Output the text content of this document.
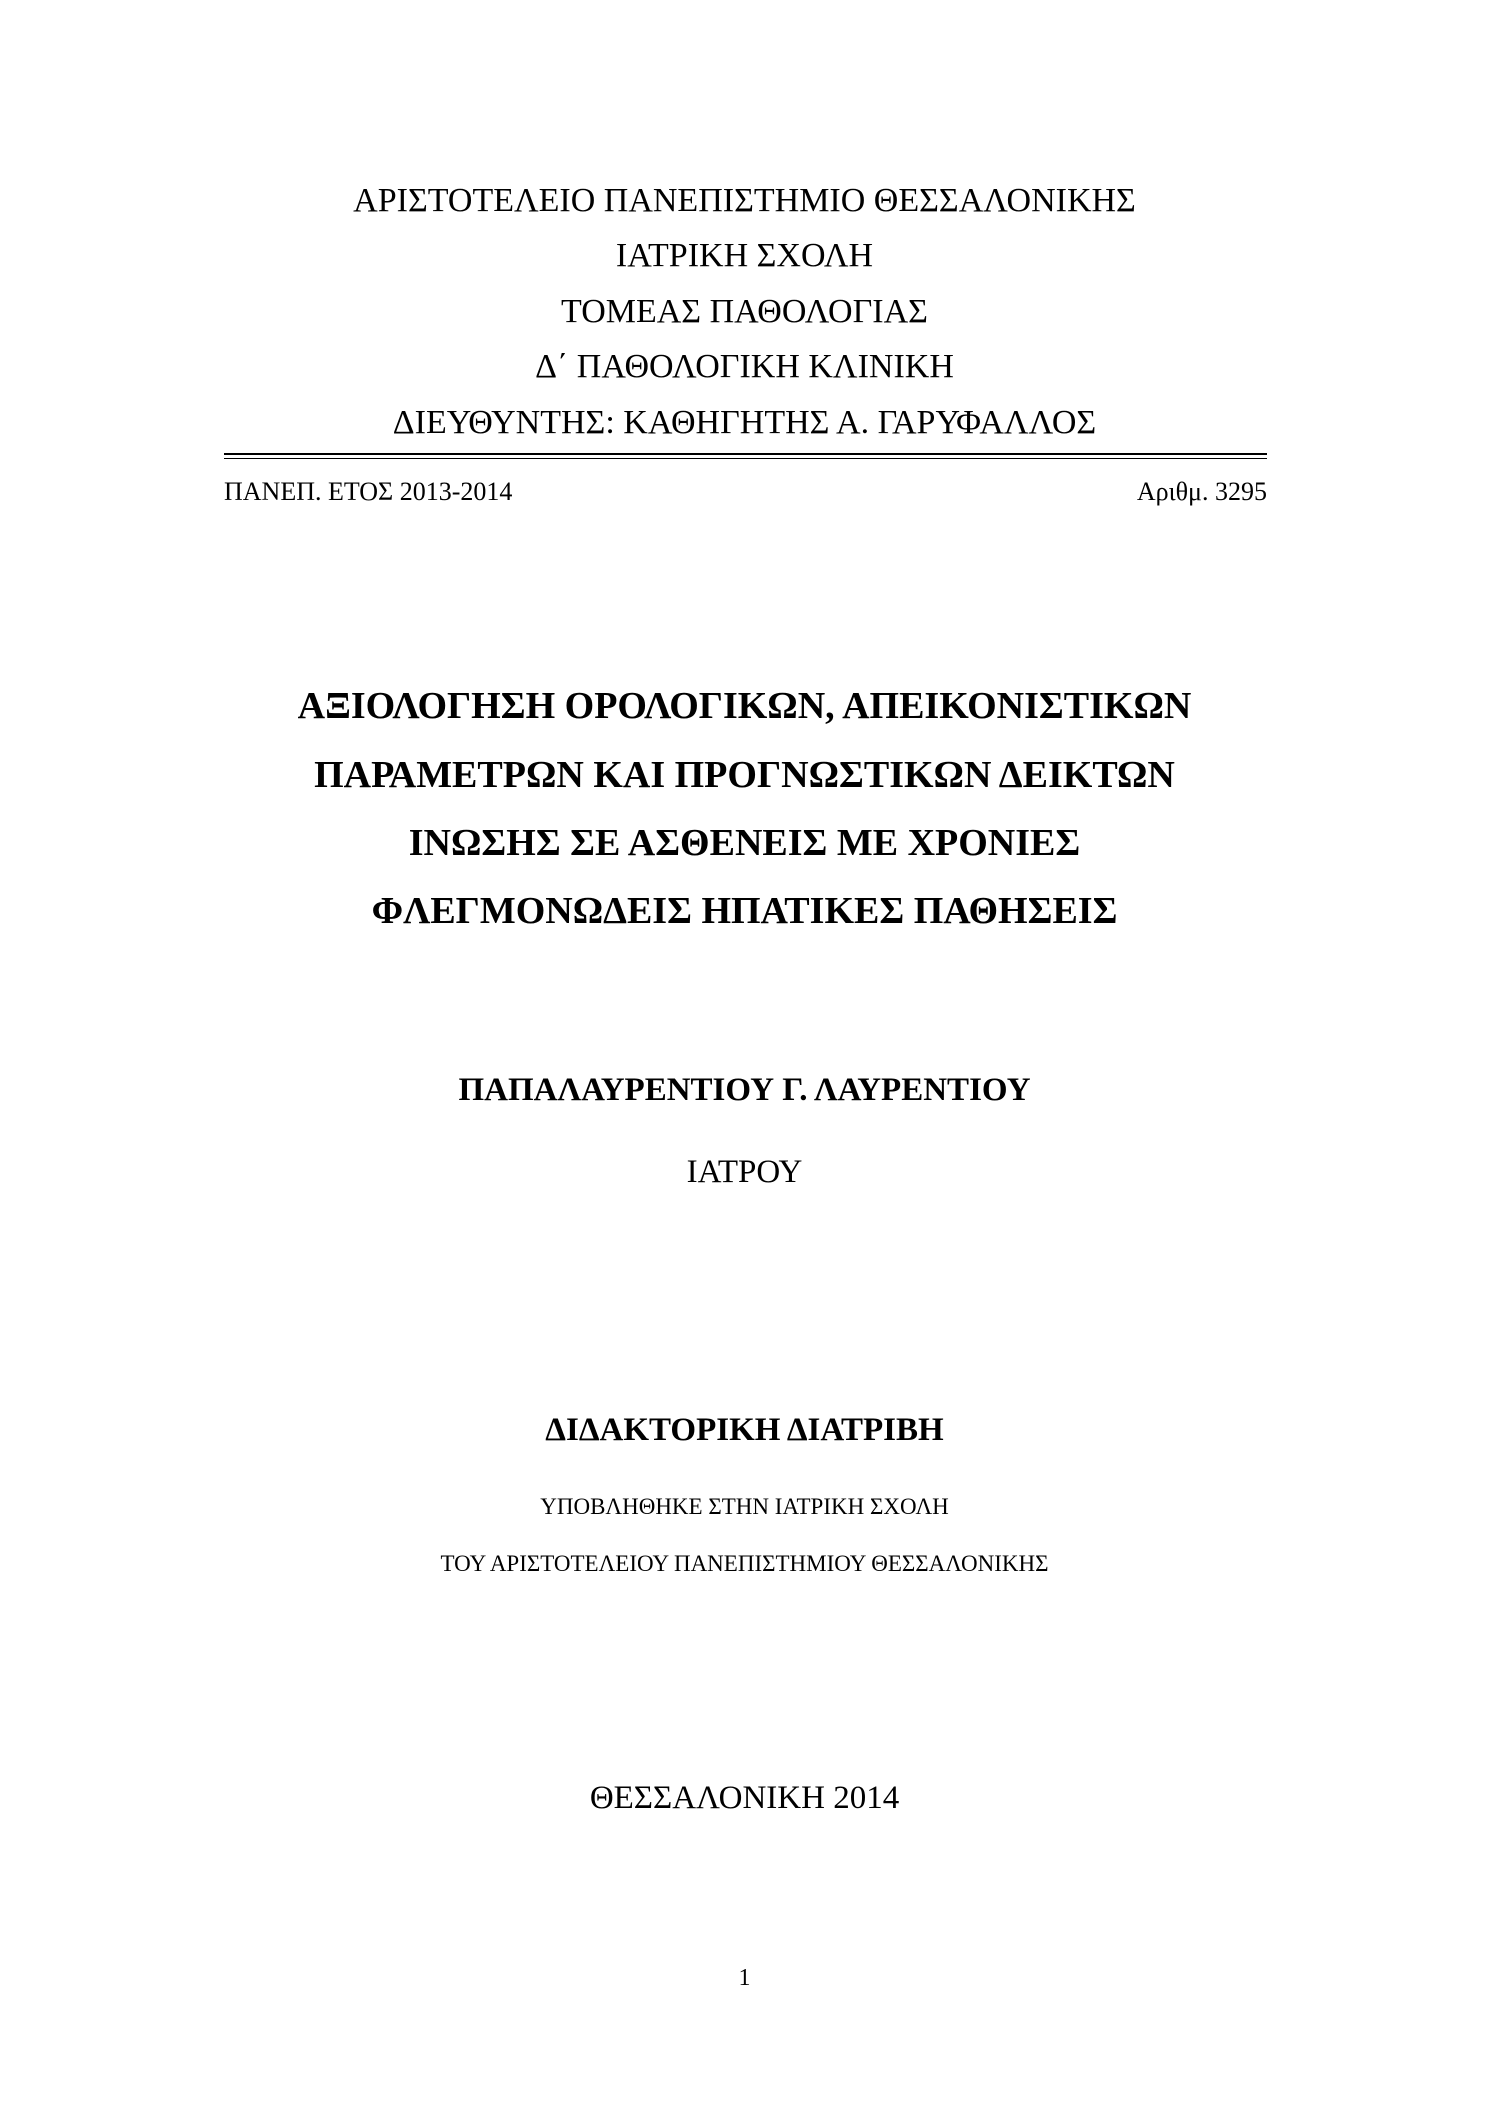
ΑΡΙΣΤΟΤΕΛΕΙΟ ΠΑΝΕΠΙΣΤΗΜΙΟ ΘΕΣΣΑΛΟΝΙΚΗΣ
ΙΑΤΡΙΚΗ ΣΧΟΛΗ
ΤΟΜΕΑΣ ΠΑΘΟΛΟΓΙΑΣ
Δ΄ ΠΑΘΟΛΟΓΙΚΗ ΚΛΙΝΙΚΗ
ΔΙΕΥΘΥΝΤΗΣ: ΚΑΘΗΓΗΤΗΣ Α. ΓΑΡΥΦΑΛΛΟΣ
ΠΑΝΕΠ. ΕΤΟΣ 2013-2014	Αριθμ. 3295
ΑΞΙΟΛΟΓΗΣΗ ΟΡΟΛΟΓΙΚΩΝ, ΑΠΕΙΚΟΝΙΣΤΙΚΩΝ
ΠΑΡΑΜΕΤΡΩΝ ΚΑΙ ΠΡΟΓΝΩΣΤΙΚΩΝ ΔΕΙΚΤΩΝ
ΙΝΩΣΗΣ ΣΕ ΑΣΘΕΝΕΙΣ ΜΕ ΧΡΟΝΙΕΣ
ΦΛΕΓΜΟΝΩΔΕΙΣ ΗΠΑΤΙΚΕΣ ΠΑΘΗΣΕΙΣ
ΠΑΠΑΛΑΥΡΕΝΤΙΟΥ Γ. ΛΑΥΡΕΝΤΙΟΥ
ΙΑΤΡΟΥ
ΔΙΔΑΚΤΟΡΙΚΗ ΔΙΑΤΡΙΒΗ
ΥΠΟΒΛΗΘΗΚΕ ΣΤΗΝ ΙΑΤΡΙΚΗ ΣΧΟΛΗ
ΤΟΥ ΑΡΙΣΤΟΤΕΛΕΙΟΥ ΠΑΝΕΠΙΣΤΗΜΙΟΥ ΘΕΣΣΑΛΟΝΙΚΗΣ
ΘΕΣΣΑΛΟΝΙΚΗ 2014
1
